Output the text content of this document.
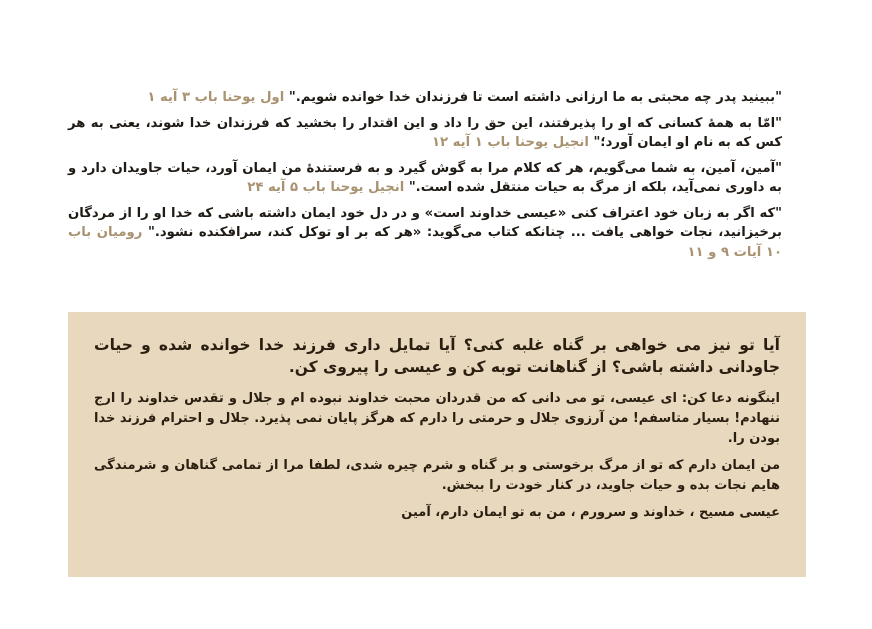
"ببینید پدر چه محبتی به ما ارزانی داشته است تا فرزندان خدا خوانده شویم." اول یوحنا باب ۳ آیه ۱

"امّا به همهٔ کسانی که او را پذیرفتند، این حق را داد و این اقتدار را بخشید که فرزندان خدا شوند، یعنی به هر کس که به نام او ایمان آورد؛" انجیل یوحنا باب ۱ آیه ۱۲

"آمین، آمین، به شما می‌گویم، هر که کلام مرا به گوش گیرد و به فرستندهٔ من ایمان آورد، حیات جاویدان دارد و به داوری نمی‌آید، بلکه از مرگ به حیات منتقل شده است." انجیل یوحنا باب ۵ آیه ۲۴

"که اگر به زبان خود اعتراف کنی «عیسی خداوند است» و در دل خود ایمان داشته باشی که خدا او را از مردگان برخیزانید، نجات خواهی یافت ... چنانکه کتاب می‌گوید: «هر که بر او توکل کند، سرافکنده نشود." رومیان باب ۱۰ آیات ۹ و ۱۱

آیا تو نیز می خواهی بر گناه غلبه کنی؟ آیا تمایل داری فرزند خدا خوانده شده و حیات جاودانی داشته باشی؟ از گناهانت توبه کن و عیسی را پیروی کن.

اینگونه دعا کن: ای عیسی، تو می دانی که من قدردان محبت خداوند نبوده ام و جلال و تقدس خداوند را ارج ننهادم! بسیار متاسفم! من آرزوی جلال و حرمتی را دارم که هرگز پایان نمی پذیرد. جلال و احترام فرزند خدا بودن را.

من ایمان دارم که تو از مرگ برخوستی و بر گناه و شرم چیره شدی، لطفا مرا از تمامی گناهان و شرمندگی هایم نجات بده و حیات جاوید، در کنار خودت را ببخش.

عیسی مسیح ، خداوند و سرورم ، من به تو ایمان دارم، آمین
